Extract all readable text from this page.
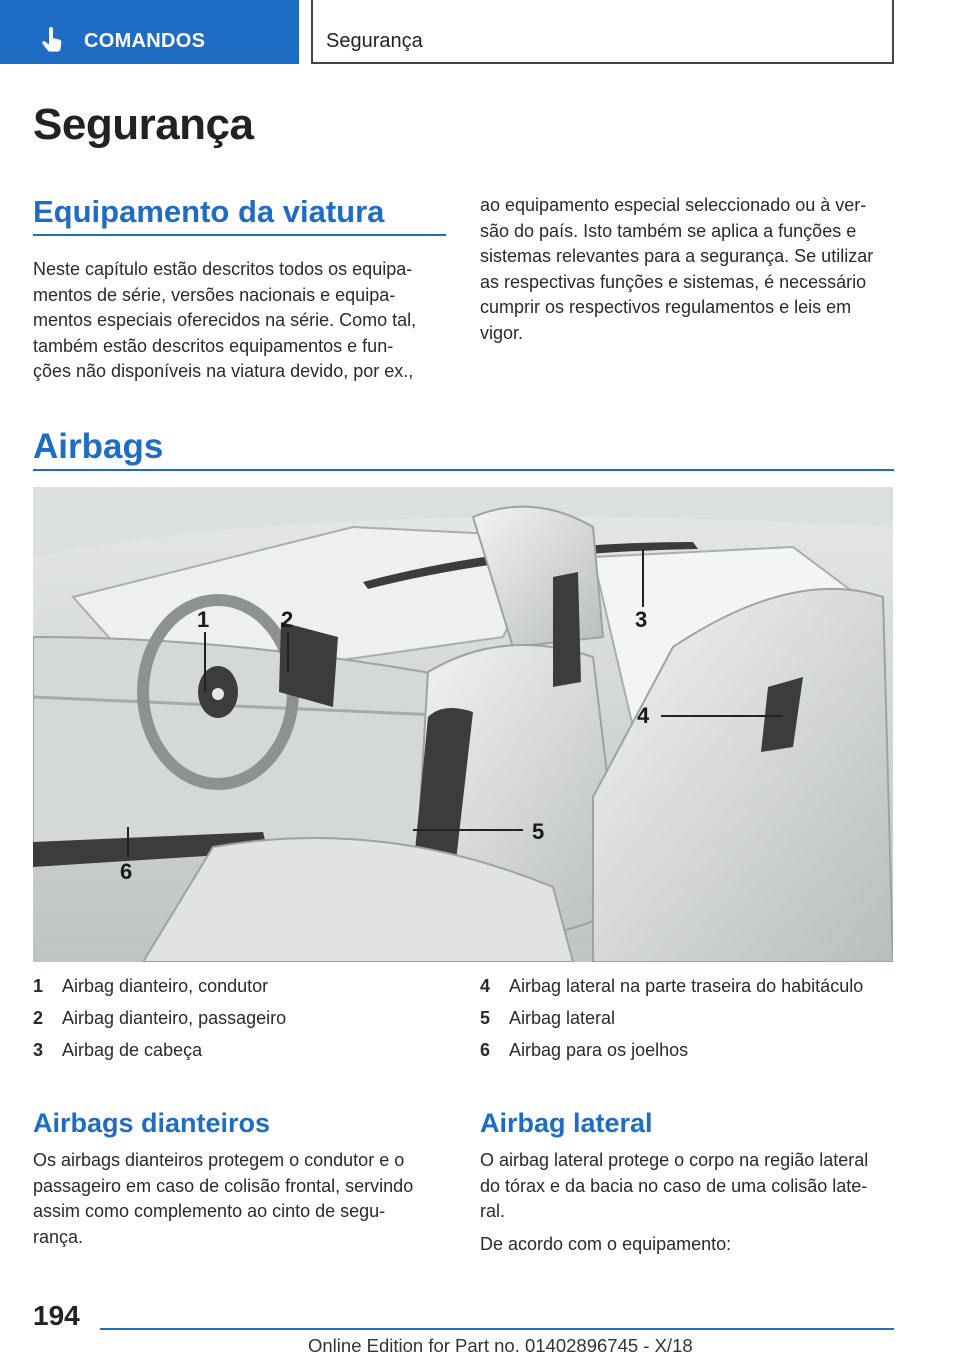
COMANDOS	Segurança
Segurança
Equipamento da viatura

Neste capítulo estão descritos todos os equipa‐
mentos de série, versões nacionais e equipa‐
mentos especiais oferecidos na série. Como tal,
também estão descritos equipamentos e fun‐
ções não disponíveis na viatura devido, por ex.,

ao equipamento especial seleccionado ou à ver‐
são do país. Isto também se aplica a funções e
sistemas relevantes para a segurança. Se utilizar
as respectivas funções e sistemas, é necessário
cumprir os respectivos regulamentos e leis em
vigor.

Airbags
1	2	3
4
5
6
1 Airbag dianteiro, condutor
2 Airbag dianteiro, passageiro
3 Airbag de cabeça
4 Airbag lateral na parte traseira do habitáculo
5 Airbag lateral
6 Airbag para os joelhos
Airbags dianteiros

Os airbags dianteiros protegem o condutor e o
passageiro em caso de colisão frontal, servindo
assim como complemento ao cinto de segu‐
rança.

Airbag lateral

O airbag lateral protege o corpo na região lateral
do tórax e da bacia no caso de uma colisão late‐
ral.

De acordo com o equipamento:

194
Online Edition for Part no. 01402896745 - X/18
